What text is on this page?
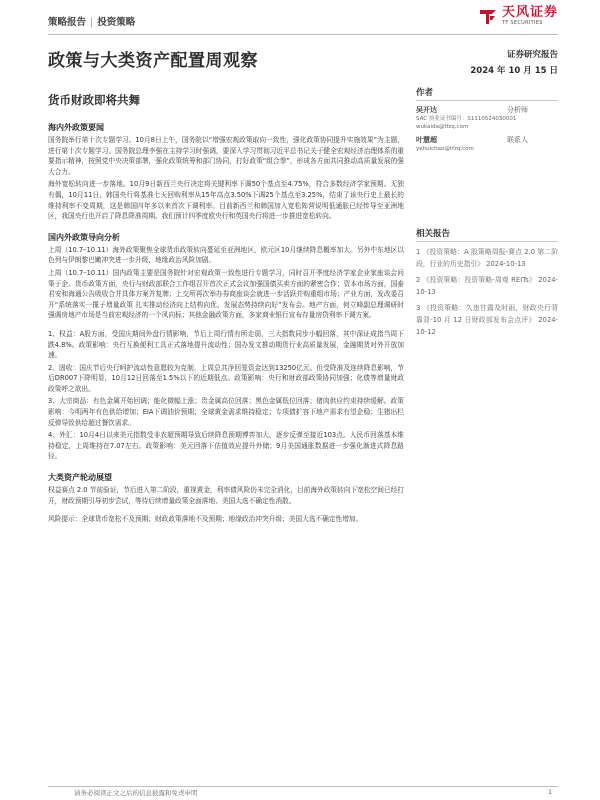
策略报告 | 投资策略
天风证券
TF SECURITIES
政策与大类资产配置周观察
货币财政即将共舞
证券研究报告
2024 年 10 月 15 日
作者
吴开达	分析师
SAC 执业证书编号：S1110524030001
wukaida@tfzq.com
叶慧超	联系人
yehuichao@tfzq.com
相关报告
1 《投资策略：A 股策略周报-赛点 2.0 第二阶段，行业的历史指引》 2024-10-13
2 《投资策略：投资策略-周观 REITs》 2024-10-13
3 《投资策略：久违甘露及时雨，财政央行背靠背-10 月 12 日财政部发布会点评》 2024-10-12
海内外政策要闻
国务院举行第十次专题学习。10月8日上午，国务院以“增强宏观政策取向一致性，强化政策协同提升实施效果”为主题，进行第十次专题学习。国务院总理李强在主持学习时强调，要深入学习贯彻习近平总书记关于健全宏观经济治理体系的重要指示精神，按照党中央决策部署，强化政策统筹和部门协同，打好政策“组合拳”，形成各方面共同推动高质量发展的强大合力。
海外宽松转向进一步落地。10月9日新西兰央行决定将关键利率下调50个基点至4.75%，符合多数经济学家预期。无独有偶，10月11日，韩国央行将基准七天回购利率从15年高点3.50%下调25个基点至3.25%，结束了该央行史上最长的维持利率不变周期，这是韩国四年多以来首次下调利率。目前新西兰和韩国加入宽松阵营说明低通胀已经传导至亚洲地区，我国央行也开启了降息降准周期。我们预计四季度欧央行和英国央行将进一步推进宽松转向。
国内外政策导向分析
上周（10.7–10.11）海外政策聚焦全球货币政策转向蔓延至亚洲地区，欧元区10月继续降息概率加大。另外中东地区以色列与伊朗黎巴嫩冲突进一步升级，地缘政治风险加剧。
上周（10.7–10.11）国内政策主要是国务院针对宏观政策一致性进行专题学习，同时召开季度经济学家企业家座谈会问策于企。货币政策方面，央行与财政部联合工作组召开首次正式会议加强国债买卖方面的紧密合作；资本市场方面，国泰君安和海通公告吸收合并具体方案并复牌；上交所再次举办券商座谈会就进一步活跃并购重组市场；产业方面，发改委召开“系统落实一揽子增量政策 扎实推动经济向上结构向优、发展态势持续向好”发布会。地产方面，何立峰副总理调研时强调房地产市场是当前宏观经济的一个风向标；其他金融政策方面，多家商业银行宣布存量房贷利率下调方案。
1、权益：A股方面，受国庆期间外盘行情影响，节后上周行情有所走弱，三大指数同步小幅回落，其中深证成指当周下跌4.8%。政策影响：央行互换便利工具正式落地提升流动性；国办发文推动期货行业高质量发展，金融期货对外开放加速。
2、固收：国庆节后央行呵护流动性意愿较为克制，上周总共净回笼资金达到13250亿元。但受降准及连续降息影响，节后DR007下降明显，10月12日回落至1.5%以下的近期低点。政策影响：央行和财政部政策协同加强；化债等增量财政政策呼之欲出。
3、大宗商品：有色金属开始回调；能化微幅上涨；贵金属高位回落；黑色金属低位回落；猪肉供应约束持续缓解。政策影响：今明两年有色供给增加；EIA下调油价预期；全球黄金需求维持稳定；专项债扩容下地产需求有望企稳；生猪出栏反弹导致供给超过餐饮需求。
4、外汇：10月4日以来美元指数受非农超预期导致后续降息预期博弈加大，逐步反弹至接近103点。人民币回落基本维持稳定，上周维持在7.07左右。政策影响：美元回落下估值效应提升外储；9月美国通胀数据进一步强化渐进式降息路径。
大类资产轮动展望
权益赛点 2.0 节前验证，节后进入第二阶段，重视黄金，利率债风险仍未完全消化，目前海外政策转向下宽松空间已经打开，财政预期引导初步尝试，等待后续增量政策全面落地、美国大选不确定性消散。
风险提示：全球货币宽松不及预期；财政政策落地不及预期；地缘政治冲突升级；美国大选不确定性增加。
请务必阅读正文之后的信息披露和免责申明	1
